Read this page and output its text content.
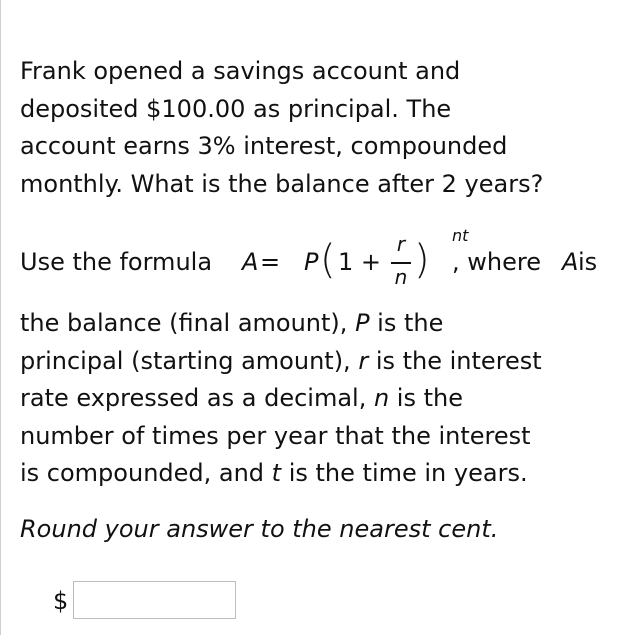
Frank opened a savings account and
deposited $100.00 as principal. The
account earns 3% interest, compounded
monthly. What is the balance after 2 years?

Use the formula A = P ( 1 +
r
n )
nt
, where A is

the balance (final amount), P is the
principal (starting amount), r is the interest
rate expressed as a decimal, n is the
number of times per year that the interest
is compounded, and t is the time in years.

Round your answer to the nearest cent.

$
